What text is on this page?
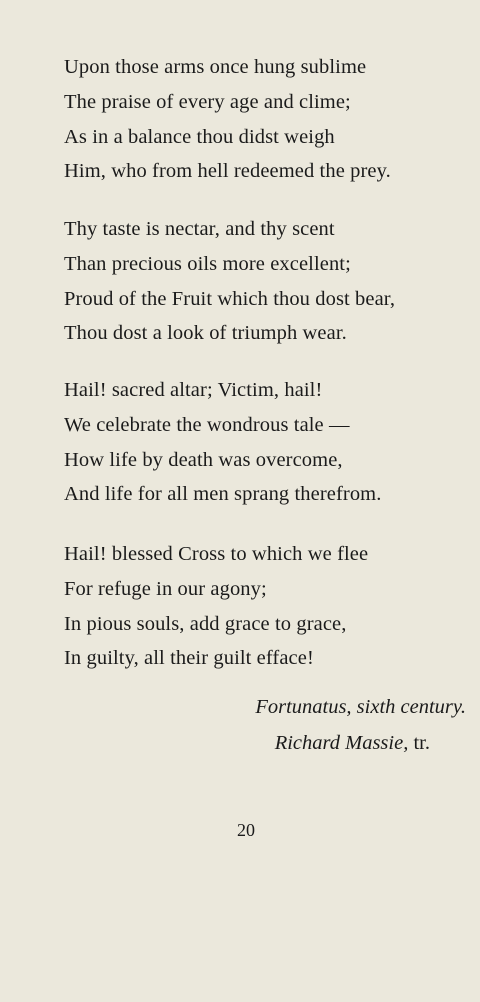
Upon those arms once hung sublime
The praise of every age and clime;
As in a balance thou didst weigh
Him, who from hell redeemed the prey.
Thy taste is nectar, and thy scent
Than precious oils more excellent;
Proud of the Fruit which thou dost bear,
Thou dost a look of triumph wear.
Hail! sacred altar; Victim, hail!
We celebrate the wondrous tale —
How life by death was overcome,
And life for all men sprang therefrom.
Hail! blessed Cross to which we flee
For refuge in our agony;
In pious souls, add grace to grace,
In guilty, all their guilt efface!
Fortunatus, sixth century.
Richard Massie, tr.
20
